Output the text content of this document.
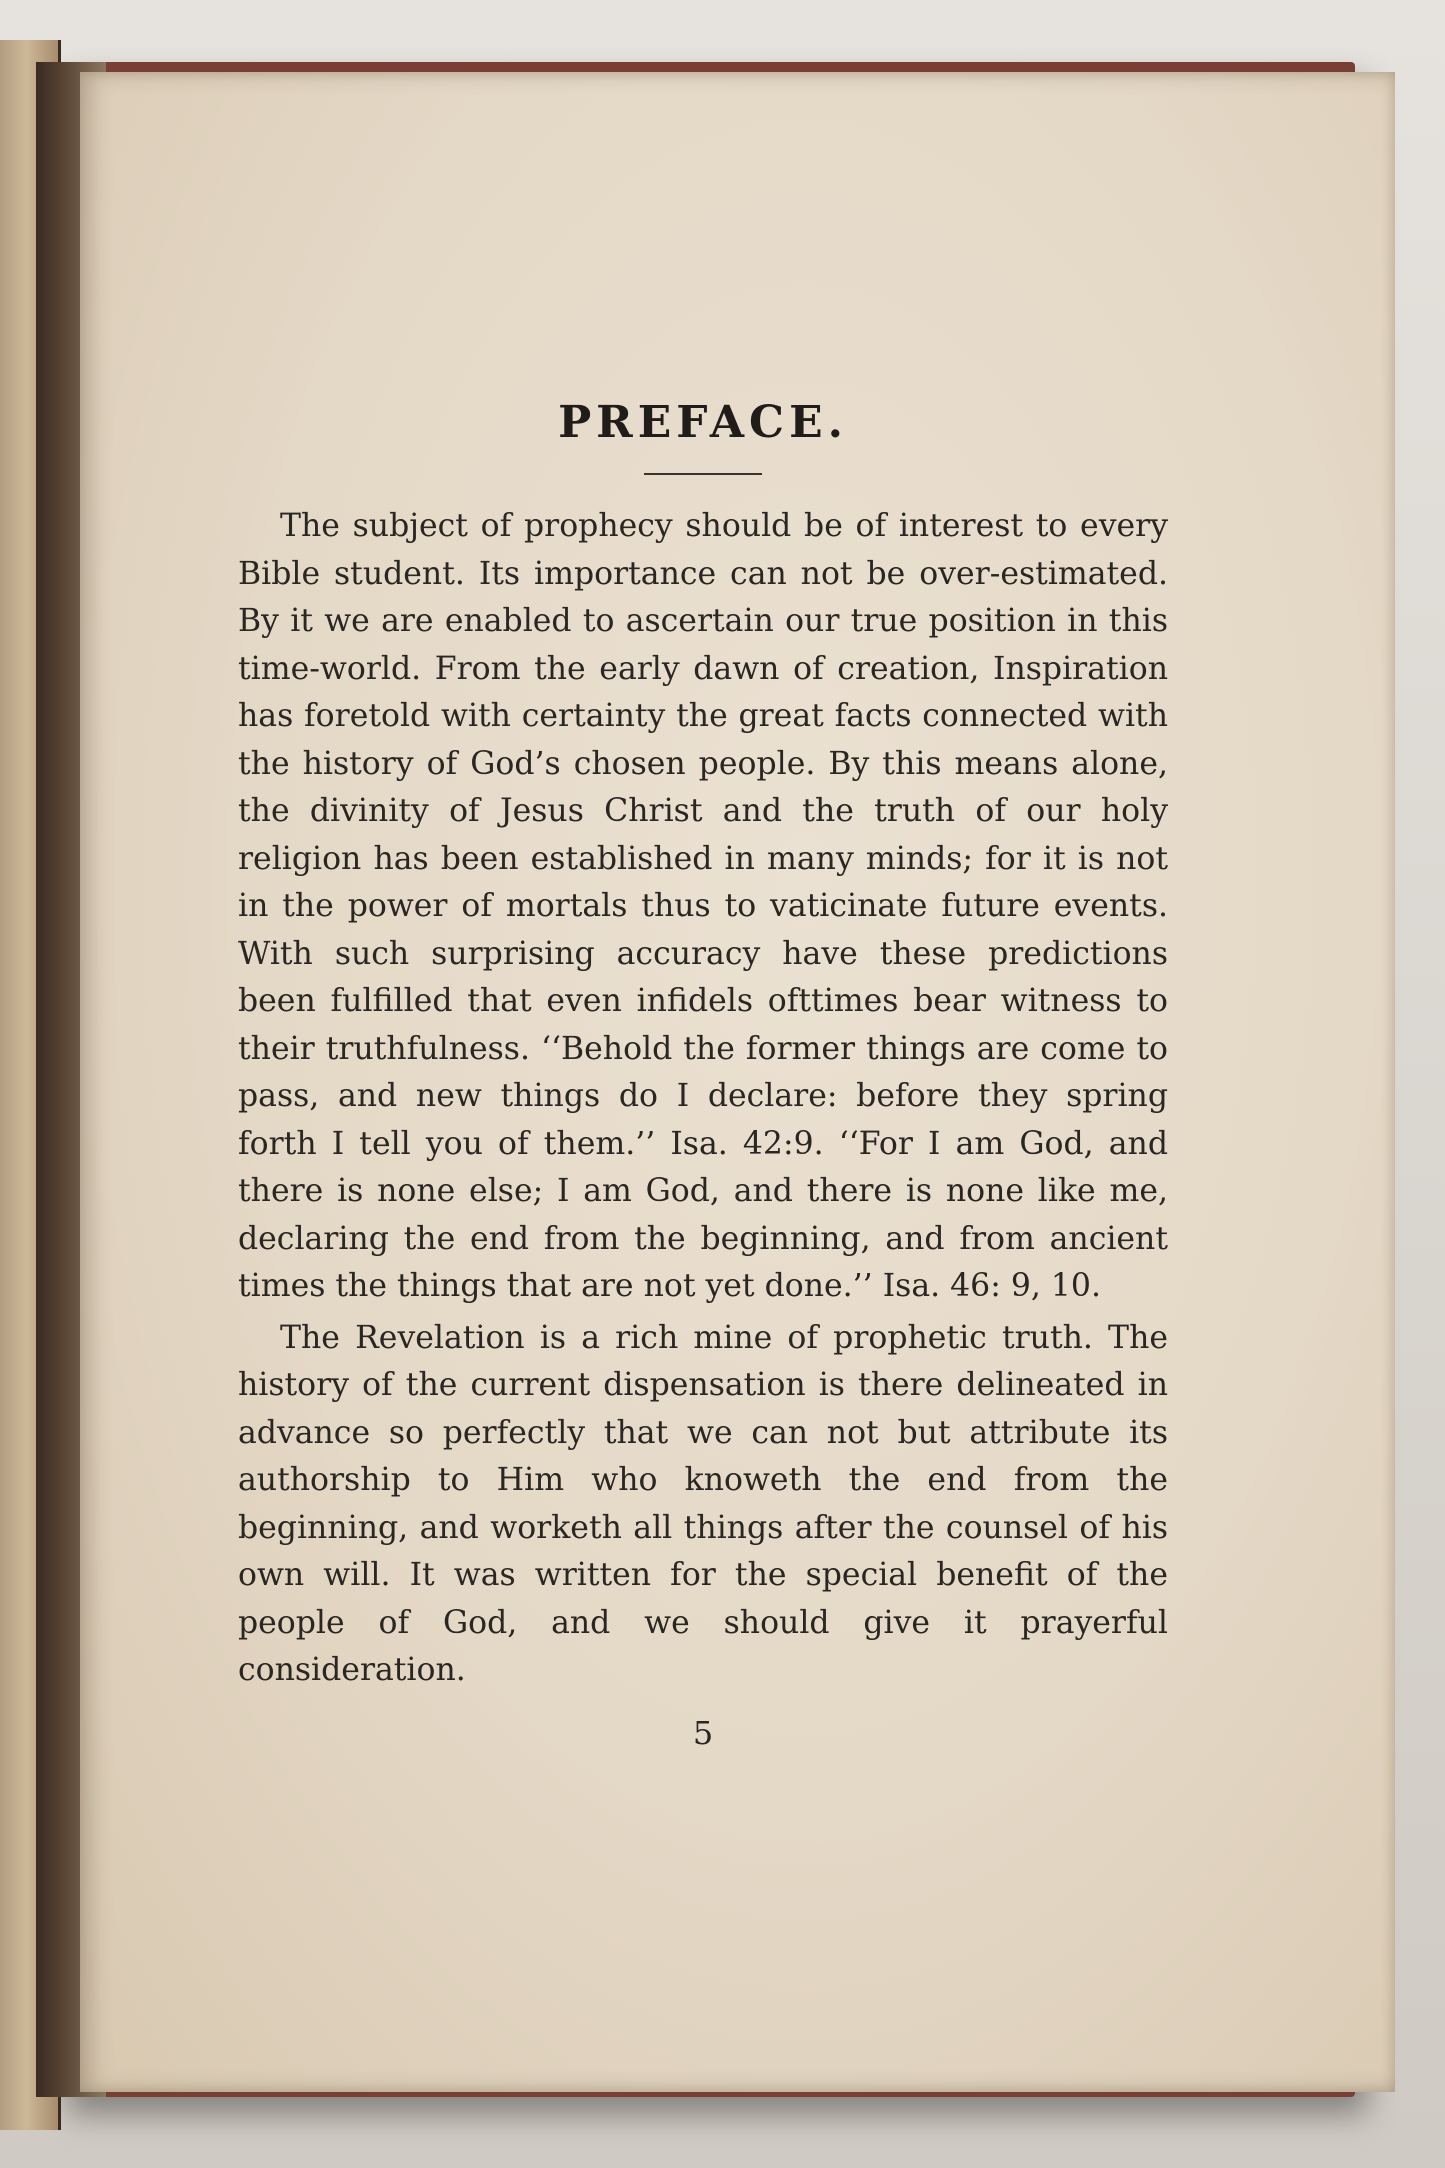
PREFACE.

The subject of prophecy should be of interest to every Bible student. Its importance can not be over-estimated. By it we are enabled to ascertain our true position in this time-world. From the early dawn of creation, Inspiration has foretold with certainty the great facts connected with the history of God’s chosen people. By this means alone, the divinity of Jesus Christ and the truth of our holy religion has been established in many minds; for it is not in the power of mortals thus to vaticinate future events. With such surprising accuracy have these predictions been fulfilled that even infidels ofttimes bear witness to their truthfulness. ‘‘Behold the former things are come to pass, and new things do I declare: before they spring forth I tell you of them.’’ Isa. 42:9. ‘‘For I am God, and there is none else; I am God, and there is none like me, declaring the end from the beginning, and from ancient times the things that are not yet done.’’ Isa. 46: 9, 10.

The Revelation is a rich mine of prophetic truth. The history of the current dispensation is there delineated in advance so perfectly that we can not but attribute its authorship to Him who knoweth the end from the beginning, and worketh all things after the counsel of his own will. It was written for the special benefit of the people of God, and we should give it prayerful consideration.

5
